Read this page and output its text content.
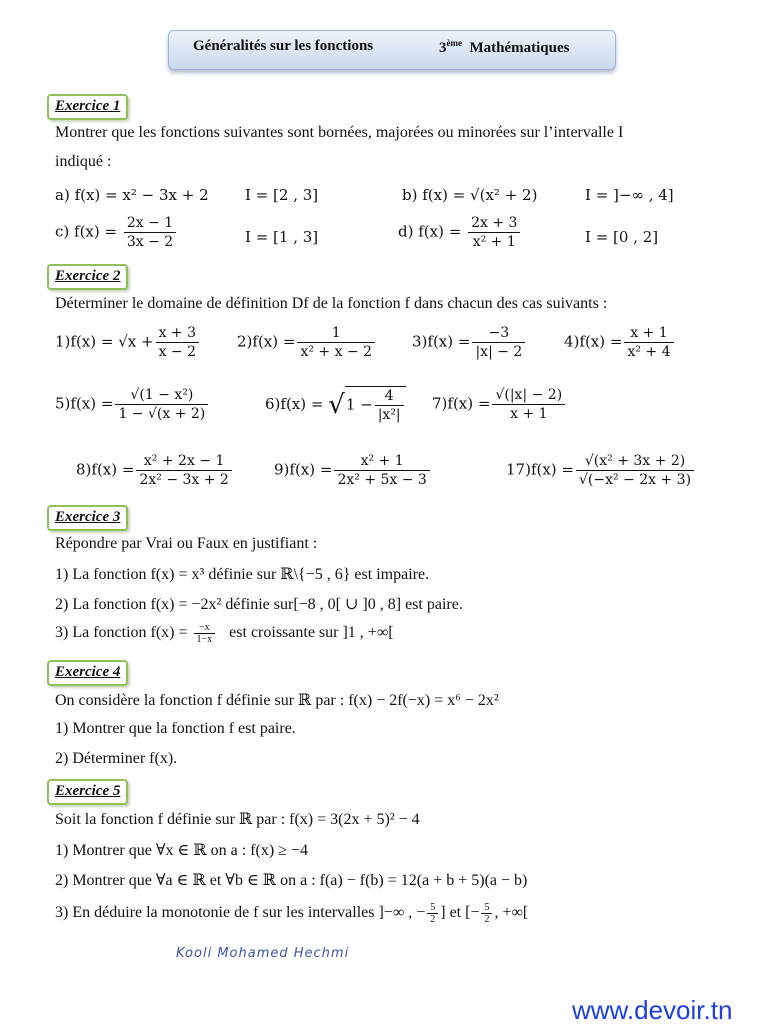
Généralités sur les fonctions	3ème Mathématiques
Exercice 1
Montrer que les fonctions suivantes sont bornées, majorées ou minorées sur l’intervalle I
indiqué :
a) f(x) = x² − 3x + 2 I = [2 , 3]	b) f(x) = √(x² + 2)	I = ]−∞ , 4]
c) $f(x) = \frac{2x - 1}{3x - 2}$	I = [1 , 3]	d) $f(x) = \frac{2x + 3}{\text{x² + 1}}$	I = [0 , 2]
Exercice 2
Déterminer le domaine de définition Df de la fonction f dans chacun des cas suivants :
$1)f(x) = √x + \frac{x + 3}{x - 2}$	$2)f(x) = \frac{1}{\text{x² + x − 2}} 3)f(x) = \frac{-3}{|x| - 2}$	$4)f(x) = \frac{x + 1}{\text{x² + 4}}$
$5)f(x) = \frac{\text{√(1 − x²)}}{1 - √(x + 2)}$	$6)f(x) = √1 - \frac{4}{\text{|x²|}} 7)f(x) = \frac{√(|x| - 2)}{x + 1}$
$8)f(x) = \frac{\text{x² + 2x − 1}}{\text{2x² − 3x + 2}}$	$9)f(x) = \frac{\text{x² + 1}}{\text{2x² + 5x − 3}}$	$17)f(x) = \frac{\text{√(x² + 3x + 2)}}{\text{√(−x² − 2x + 3)}}$
Exercice 3
Répondre par Vrai ou Faux en justifiant :
1) La fonction f(x) = x³ définie sur ℝ\{−5 , 6} est impaire.
2) La fonction f(x) = −2x² définie sur[−8 , 0[ ∪ ]0 , 8] est paire.
3) La fonction $f(x) = \frac{-x}{1-x}$ est croissante sur ]1 , +∞[
Exercice 4
On considère la fonction f définie sur ℝ par : f(x) − 2f(−x) = x⁶ − 2x²
1) Montrer que la fonction f est paire.
2) Déterminer f(x).
Exercice 5
Soit la fonction f définie sur ℝ par : f(x) = 3(2x + 5)² − 4
1) Montrer que ∀x ∈ ℝ on a : f(x) ≥ −4
2) Montrer que ∀a ∈ ℝ et ∀b ∈ ℝ on a : f(a) − f(b) = 12(a + b + 5)(a − b)
3) En déduire la monotonie de f sur les intervalles ]−∞ , − $\frac{5}{2}$ ] et [− $\frac{5}{2}$ , +∞[
Kooli Mohamed Hechmi
www.devoir.tn
